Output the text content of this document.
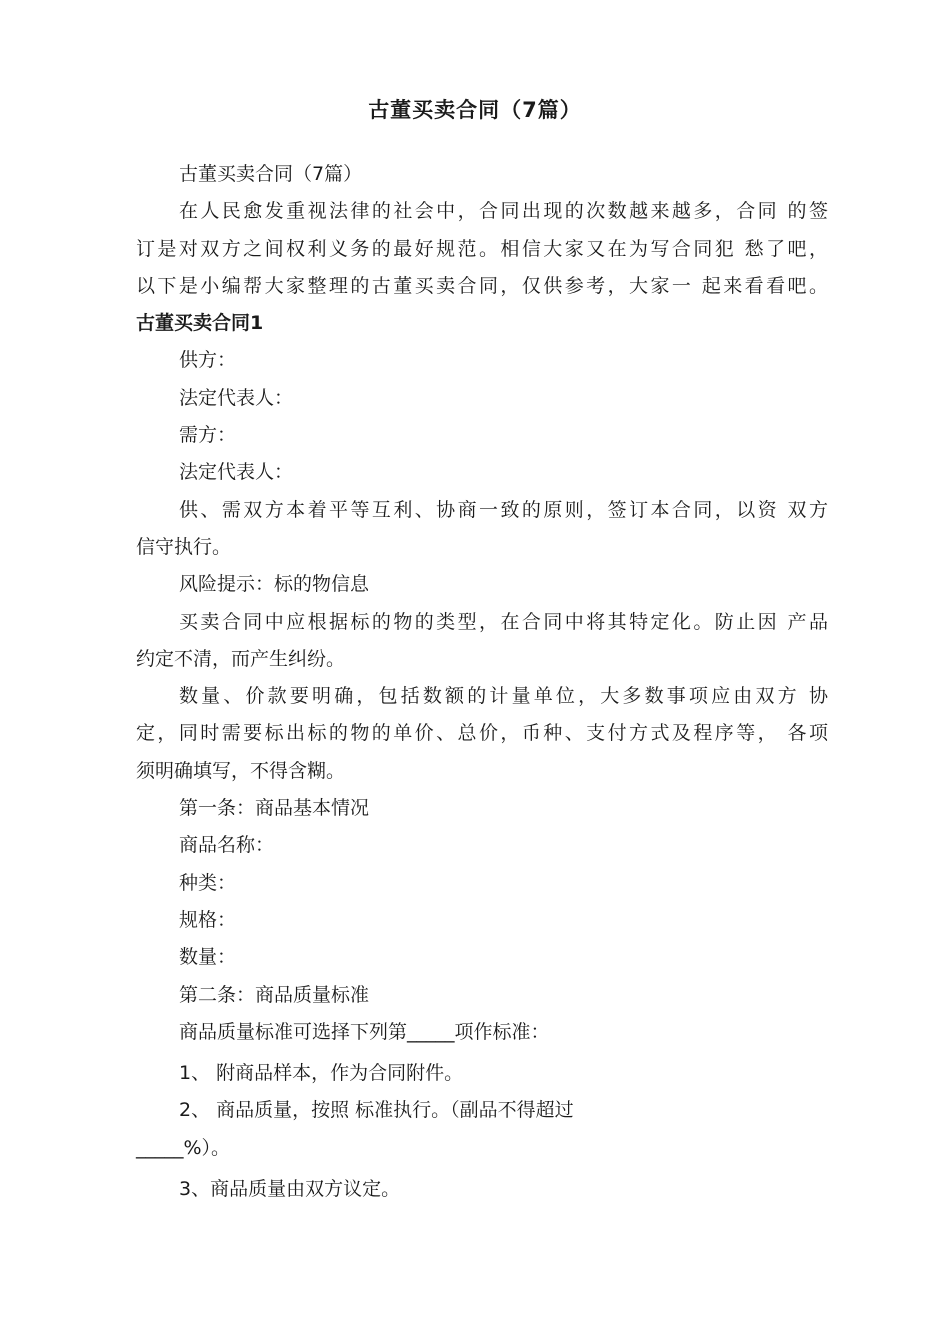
古董买卖合同（7篇）

古董买卖合同（7篇）

在人民愈发重视法律的社会中，合同出现的次数越来越多，合同 的签

订是对双方之间权利义务的最好规范。相信大家又在为写合同犯 愁了吧，

以下是小编帮大家整理的古董买卖合同，仅供参考，大家一 起来看看吧。

古董买卖合同1

供方：

法定代表人：

需方：

法定代表人：

供、需双方本着平等互利、协商一致的原则，签订本合同，以资 双方

信守执行。

风险提示：标的物信息

买卖合同中应根据标的物的类型，在合同中将其特定化。防止因 产品

约定不清，而产生纠纷。

数量、价款要明确，包括数额的计量单位，大多数事项应由双方 协

定，同时需要标出标的物的单价、总价，币种、支付方式及程序等， 各项

须明确填写，不得含糊。

第一条：商品基本情况

商品名称：

种类：

规格：

数量：

第二条：商品质量标准

商品质量标准可选择下列第_____项作标准：

1、 附商品样本，作为合同附件。

2、 商品质量，按照 标准执行。（副品不得超过

_____%）。

3、商品质量由双方议定。
